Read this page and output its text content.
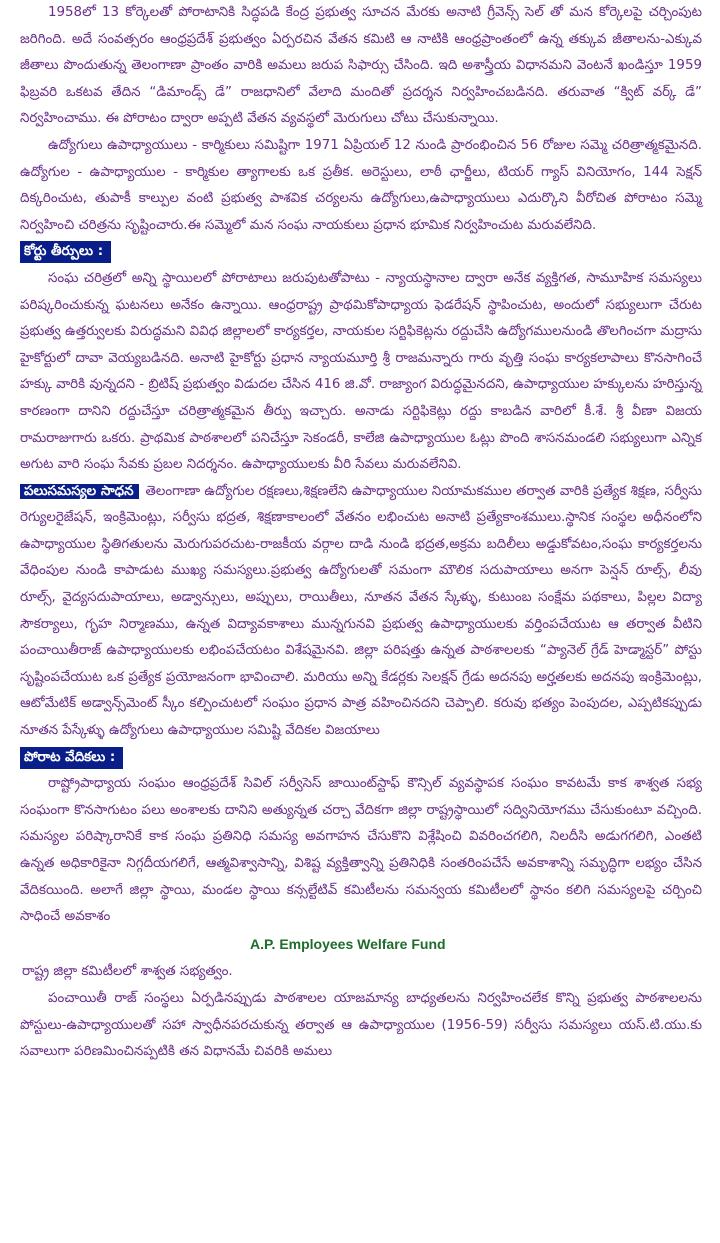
1958లో 13 కోర్కెలతో పోరాటానికి సిద్ధపడి కేంద్ర ప్రభుత్వ సూచన మేరకు అనాటి గ్రీవెన్స్ సెల్ తో మన కోర్కెలపై చర్చింపుట జరిగింది. అదే సంవత్సరం ఆంధ్రప్రదేశ్ ప్రభుత్వం ఏర్పరచిన వేతన కమిటి ఆ నాటికి ఆంధ్రప్రాంతంలో ఉన్న తక్కువ జీతాలను-ఎక్కువ జీతాలు పొందుతున్న తెలంగాణా ప్రాంతం వారికి అమలు జరుప సిఫార్సు చేసింది. ఇది అశాస్త్రీయ విధానమని వెంటనే ఖండిస్తూ 1959 ఫిబ్రవరి ఒకటవ తేదిన “డిమాండ్స్ డే” రాజధానిలో వేలాది మందితో ప్రదర్శన నిర్వహించబడినది. తరువాత “క్విట్ వర్క్ డే” నిర్వహించాము. ఈ పోరాటం ద్వారా అప్పటి వేతన వ్యవస్థలో మెరుగులు చోటు చేసుకున్నాయి.

ఉద్యోగులు ఉపాధ్యాయులు - కార్మికులు సమిష్టిగా 1971 ఏప్రియల్ 12 నుండి ప్రారంభించిన 56 రోజుల సమ్మె చరిత్రాత్మకమైనది. ఉద్యోగుల - ఉపాధ్యాయుల - కార్మికుల త్యాగాలకు ఒక ప్రతీక. అరెస్టులు, లాఠీ ఛార్జీలు, టియర్ గ్యాస్ వినియోగం, 144 సెక్షన్ దిక్కరించుట, తుపాకీ కాల్పుల వంటి ప్రభుత్వ పాశవిక చర్యలను ఉద్యోగులు,ఉపాధ్యాయులు ఎదుర్కొని వీరోచిత పోరాటం సమ్మె నిర్వహించి చరిత్రను సృష్టించారు.ఈ సమ్మెలో మన సంఘ నాయకులు ప్రధాన భూమిక నిర్వహించుట మరువలేనిది.

కోర్టు తీర్పులు :

సంఘ చరిత్రలో అన్ని స్థాయిలలో పోరాటాలు జరుపుటతోపాటు - న్యాయస్థానాల ద్వారా అనేక వ్యక్తిగత, సామూహిక సమస్యలు పరిష్కరించుకున్న ఘటనలు అనేకం ఉన్నాయి. ఆంధ్రరాష్ట్ర ప్రాథమికోపాధ్యాయ ఫెడరేషన్ స్థాపించుట, అందులో సభ్యులుగా చేరుట ప్రభుత్వ ఉత్తర్వులకు విరుద్ధమని వివిధ జిల్లాలలో కార్యకర్తల, నాయకుల సర్టిఫికెట్లను రద్దుచేసి ఉద్యోగములనుండి తొలగించగా మద్రాసు హైకోర్టులో దావా వెయ్యబడినది. అనాటి హైకోర్టు ప్రధాన న్యాయమూర్తి శ్రీ రాజమన్నారు గారు వృత్తి సంఘ కార్యకలాపాలు కొనసాగించే హక్కు వారికి వున్నదని - బ్రిటిష్ ప్రభుత్వం విడుదల చేసిన 416 జి.వో. రాజ్యాంగ విరుద్ధమైనదని, ఉపాధ్యాయుల హక్కులను హరిస్తున్న కారణంగా దానిని రద్దుచేస్తూ చరిత్రాత్మకమైన తీర్పు ఇచ్చారు. అనాడు సర్టిఫికెట్లు రద్దు కాబడిన వారిలో కీ.శే. శ్రీ వీణా విజయ రామరాజుగారు ఒకరు. ప్రాథమిక పాఠశాలలో పనిచేస్తూ సెకండరీ, కాలేజి ఉపాధ్యాయుల ఓట్లు పొంది శాసనమండలి సభ్యులుగా ఎన్నిక అగుట వారి సంఘ సేవకు ప్రబల నిదర్శనం. ఉపాధ్యాయులకు వీరి సేవలు మరువలేనివి.

పలుసమస్యల సాధన తెలంగాణా ఉద్యోగుల రక్షణలు,శిక్షణలేని ఉపాధ్యాయుల నియామకముల తర్వాత వారికి ప్రత్యేక శిక్షణ, సర్వీసు రెగ్యులరైజేషన్, ఇంక్రిమెంట్లు, సర్వీసు భద్రత, శిక్షణాకాలంలో వేతనం లభించుట అనాటి ప్రత్యేకాంశములు.స్థానిక సంస్థల అధీనంలోని ఉపాధ్యాయుల స్థితిగతులను మెరుగుపరచుట-రాజకీయ వర్గాల దాడి నుండి భద్రత,అక్రమ బదిలీలు అడ్డుకోవటం,సంఘ కార్యకర్తలను వేధింపుల నుండి కాపాడుట ముఖ్య సమస్యలు.ప్రభుత్వ ఉద్యోగులతో సమంగా మౌలిక సదుపాయాలు అనగా పెన్షన్ రూల్స్, లీవు రూల్స్, వైద్యసదుపాయాలు, అడ్వాన్సులు, అప్పులు, రాయితీలు, నూతన వేతన స్కేళ్ళు, కుటుంబ సంక్షేమ పథకాలు, పిల్లల విద్యా సౌకర్యాలు, గృహ నిర్మాణము, ఉన్నత విద్యావకాశాలు మున్నగునవి ప్రభుత్వ ఉపాధ్యాయులకు వర్తింపచేయుట ఆ తర్వాత వీటిని పంచాయితీరాజ్ ఉపాధ్యాయులకు లభింపచేయటం విశేషమైనవి. జిల్లా పరిషత్తు ఉన్నత పాఠశాలలకు “ప్యానెల్ గ్రేడ్ హెడ్మాస్టర్” పోస్టు సృష్టింపచేయుట ఒక ప్రత్యేక ప్రయోజనంగా భావించాలి. మరియు అన్ని కేడర్లకు సెలక్షన్ గ్రేడు అదనపు అర్హతలకు అదనపు ఇంక్రిమెంట్లు, ఆటోమేటిక్ అడ్వాన్స్‌మెంట్ స్కీం కల్పించుటలో సంఘం ప్రధాన పాత్ర వహించినదని చెప్పాలి. కరువు భత్యం పెంపుదల, ఎప్పటికప్పుడు నూతన పేస్కేళ్ళు ఉద్యోగులు ఉపాధ్యాయుల సమిష్టి వేదికల విజయాలు

పోరాట వేదికలు :

రాష్ట్రోపాధ్యాయ సంఘం ఆంధ్రప్రదేశ్ సివిల్ సర్వీసెస్ జాయింట్‌స్టాఫ్ కౌన్సిల్ వ్యవస్థాపక సంఘం కావటమే కాక శాశ్వత సభ్య సంఘంగా కొనసాగుటం పలు అంశాలకు దానిని అత్యున్నత చర్చా వేదికగా జిల్లా రాష్ట్రస్థాయిలో సద్వినియోగము చేసుకుంటూ వచ్చింది. సమస్యల పరిష్కారానికే కాక సంఘ ప్రతినిధి సమస్య అవగాహన చేసుకొని విశ్లేషించి వివరించగలిగి, నిలదీసి అడుగగలిగి, ఎంతటి ఉన్నత అధికారికైనా నిగ్గదీయగలిగే, ఆత్మవిశ్వాసాన్ని, విశిష్ట వ్యక్తిత్వాన్ని ప్రతినిధికి సంతరింపచేసే అవకాశాన్ని సమృద్ధిగా లభ్యం చేసిన వేదికయింది. అలాగే జిల్లా స్థాయి, మండల స్థాయి కన్సల్టేటివ్ కమిటీలను సమన్వయ కమిటీలలో స్థానం కలిగి సమస్యలపై చర్చించి సాధించే అవకాశం

A.P. Employees Welfare Fund
రాష్ట్ర జిల్లా కమిటీలలో శాశ్వత సభ్యత్వం.

పంచాయితీ రాజ్ సంస్థలు ఏర్పడినప్పుడు పాఠశాలల యాజమాన్య బాధ్యతలను నిర్వహించలేక కొన్ని ప్రభుత్వ పాఠశాలలను పోస్టులు-ఉపాధ్యాయులతో సహా స్వాధీనపరచుకున్న తర్వాత ఆ ఉపాధ్యాయుల (1956-59) సర్వీసు సమస్యలు యస్.టి.యు.కు సవాలుగా పరిణమించినప్పటికి తన విధానమే చివరికి అమలు
